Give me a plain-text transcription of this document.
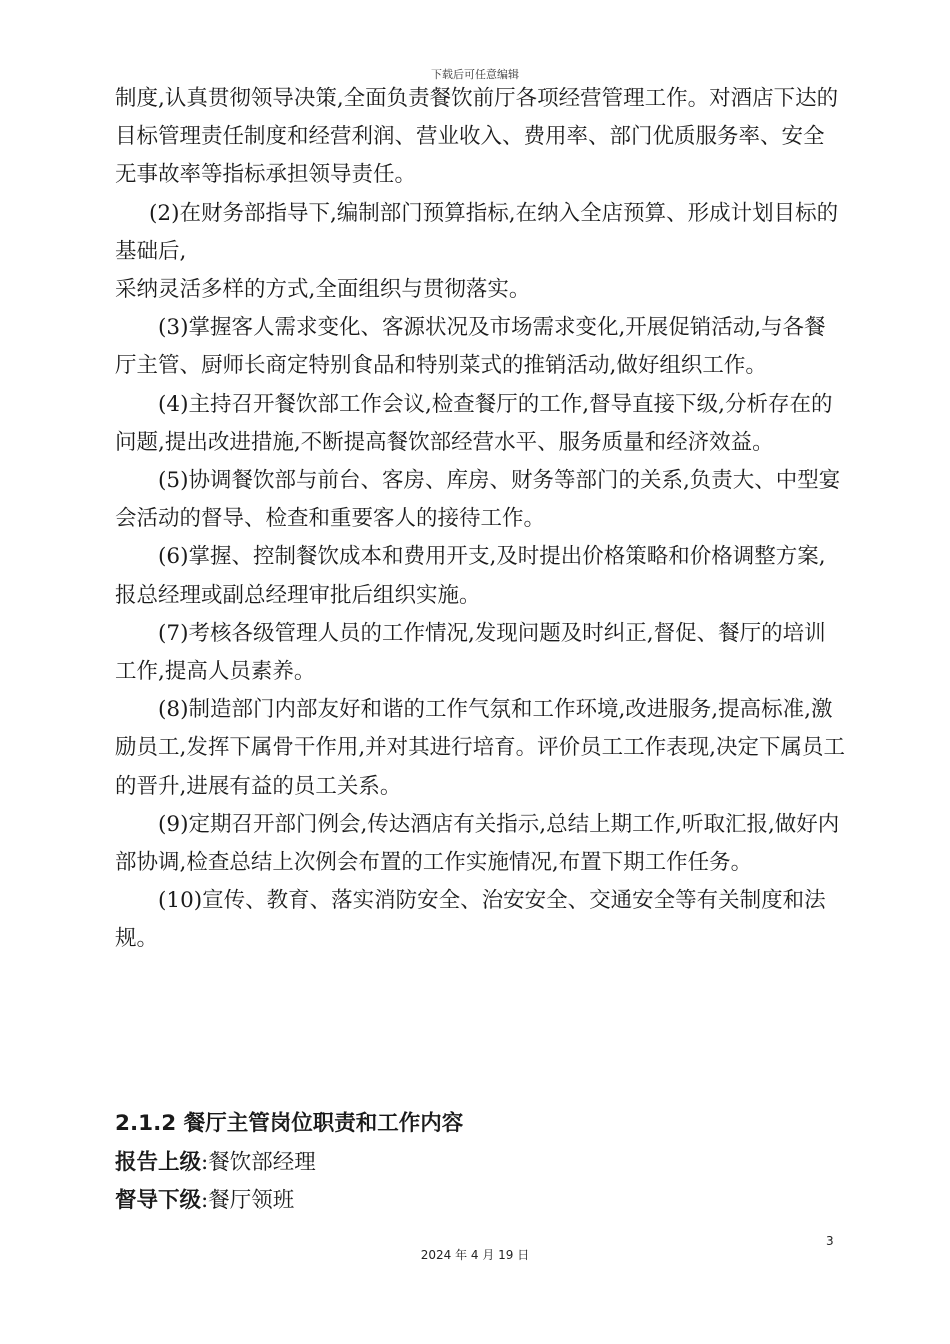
下载后可任意编辑

制度,认真贯彻领导决策,全面负责餐饮前厅各项经营管理工作。对酒店下达的目标管理责任制度和经营利润、营业收入、费用率、部门优质服务率、安全无事故率等指标承担领导责任。

(2)在财务部指导下,编制部门预算指标,在纳入全店预算、形成计划目标的基础后,

采纳灵活多样的方式,全面组织与贯彻落实。

(3)掌握客人需求变化、客源状况及市场需求变化,开展促销活动,与各餐厅主管、厨师长商定特别食品和特别菜式的推销活动,做好组织工作。

(4)主持召开餐饮部工作会议,检查餐厅的工作,督导直接下级,分析存在的问题,提出改进措施,不断提高餐饮部经营水平、服务质量和经济效益。

(5)协调餐饮部与前台、客房、库房、财务等部门的关系,负责大、中型宴会活动的督导、检查和重要客人的接待工作。

(6)掌握、控制餐饮成本和费用开支,及时提出价格策略和价格调整方案,报总经理或副总经理审批后组织实施。

(7)考核各级管理人员的工作情况,发现问题及时纠正,督促、餐厅的培训工作,提高人员素养。

(8)制造部门内部友好和谐的工作气氛和工作环境,改进服务,提高标准,激励员工,发挥下属骨干作用,并对其进行培育。评价员工工作表现,决定下属员工的晋升,进展有益的员工关系。

(9)定期召开部门例会,传达酒店有关指示,总结上期工作,听取汇报,做好内部协调,检查总结上次例会布置的工作实施情况,布置下期工作任务。

(10)宣传、教育、落实消防安全、治安安全、交通安全等有关制度和法规。

2.1.2 餐厅主管岗位职责和工作内容
报告上级:餐饮部经理
督导下级:餐厅领班
3
2024 年 4 月 19 日
